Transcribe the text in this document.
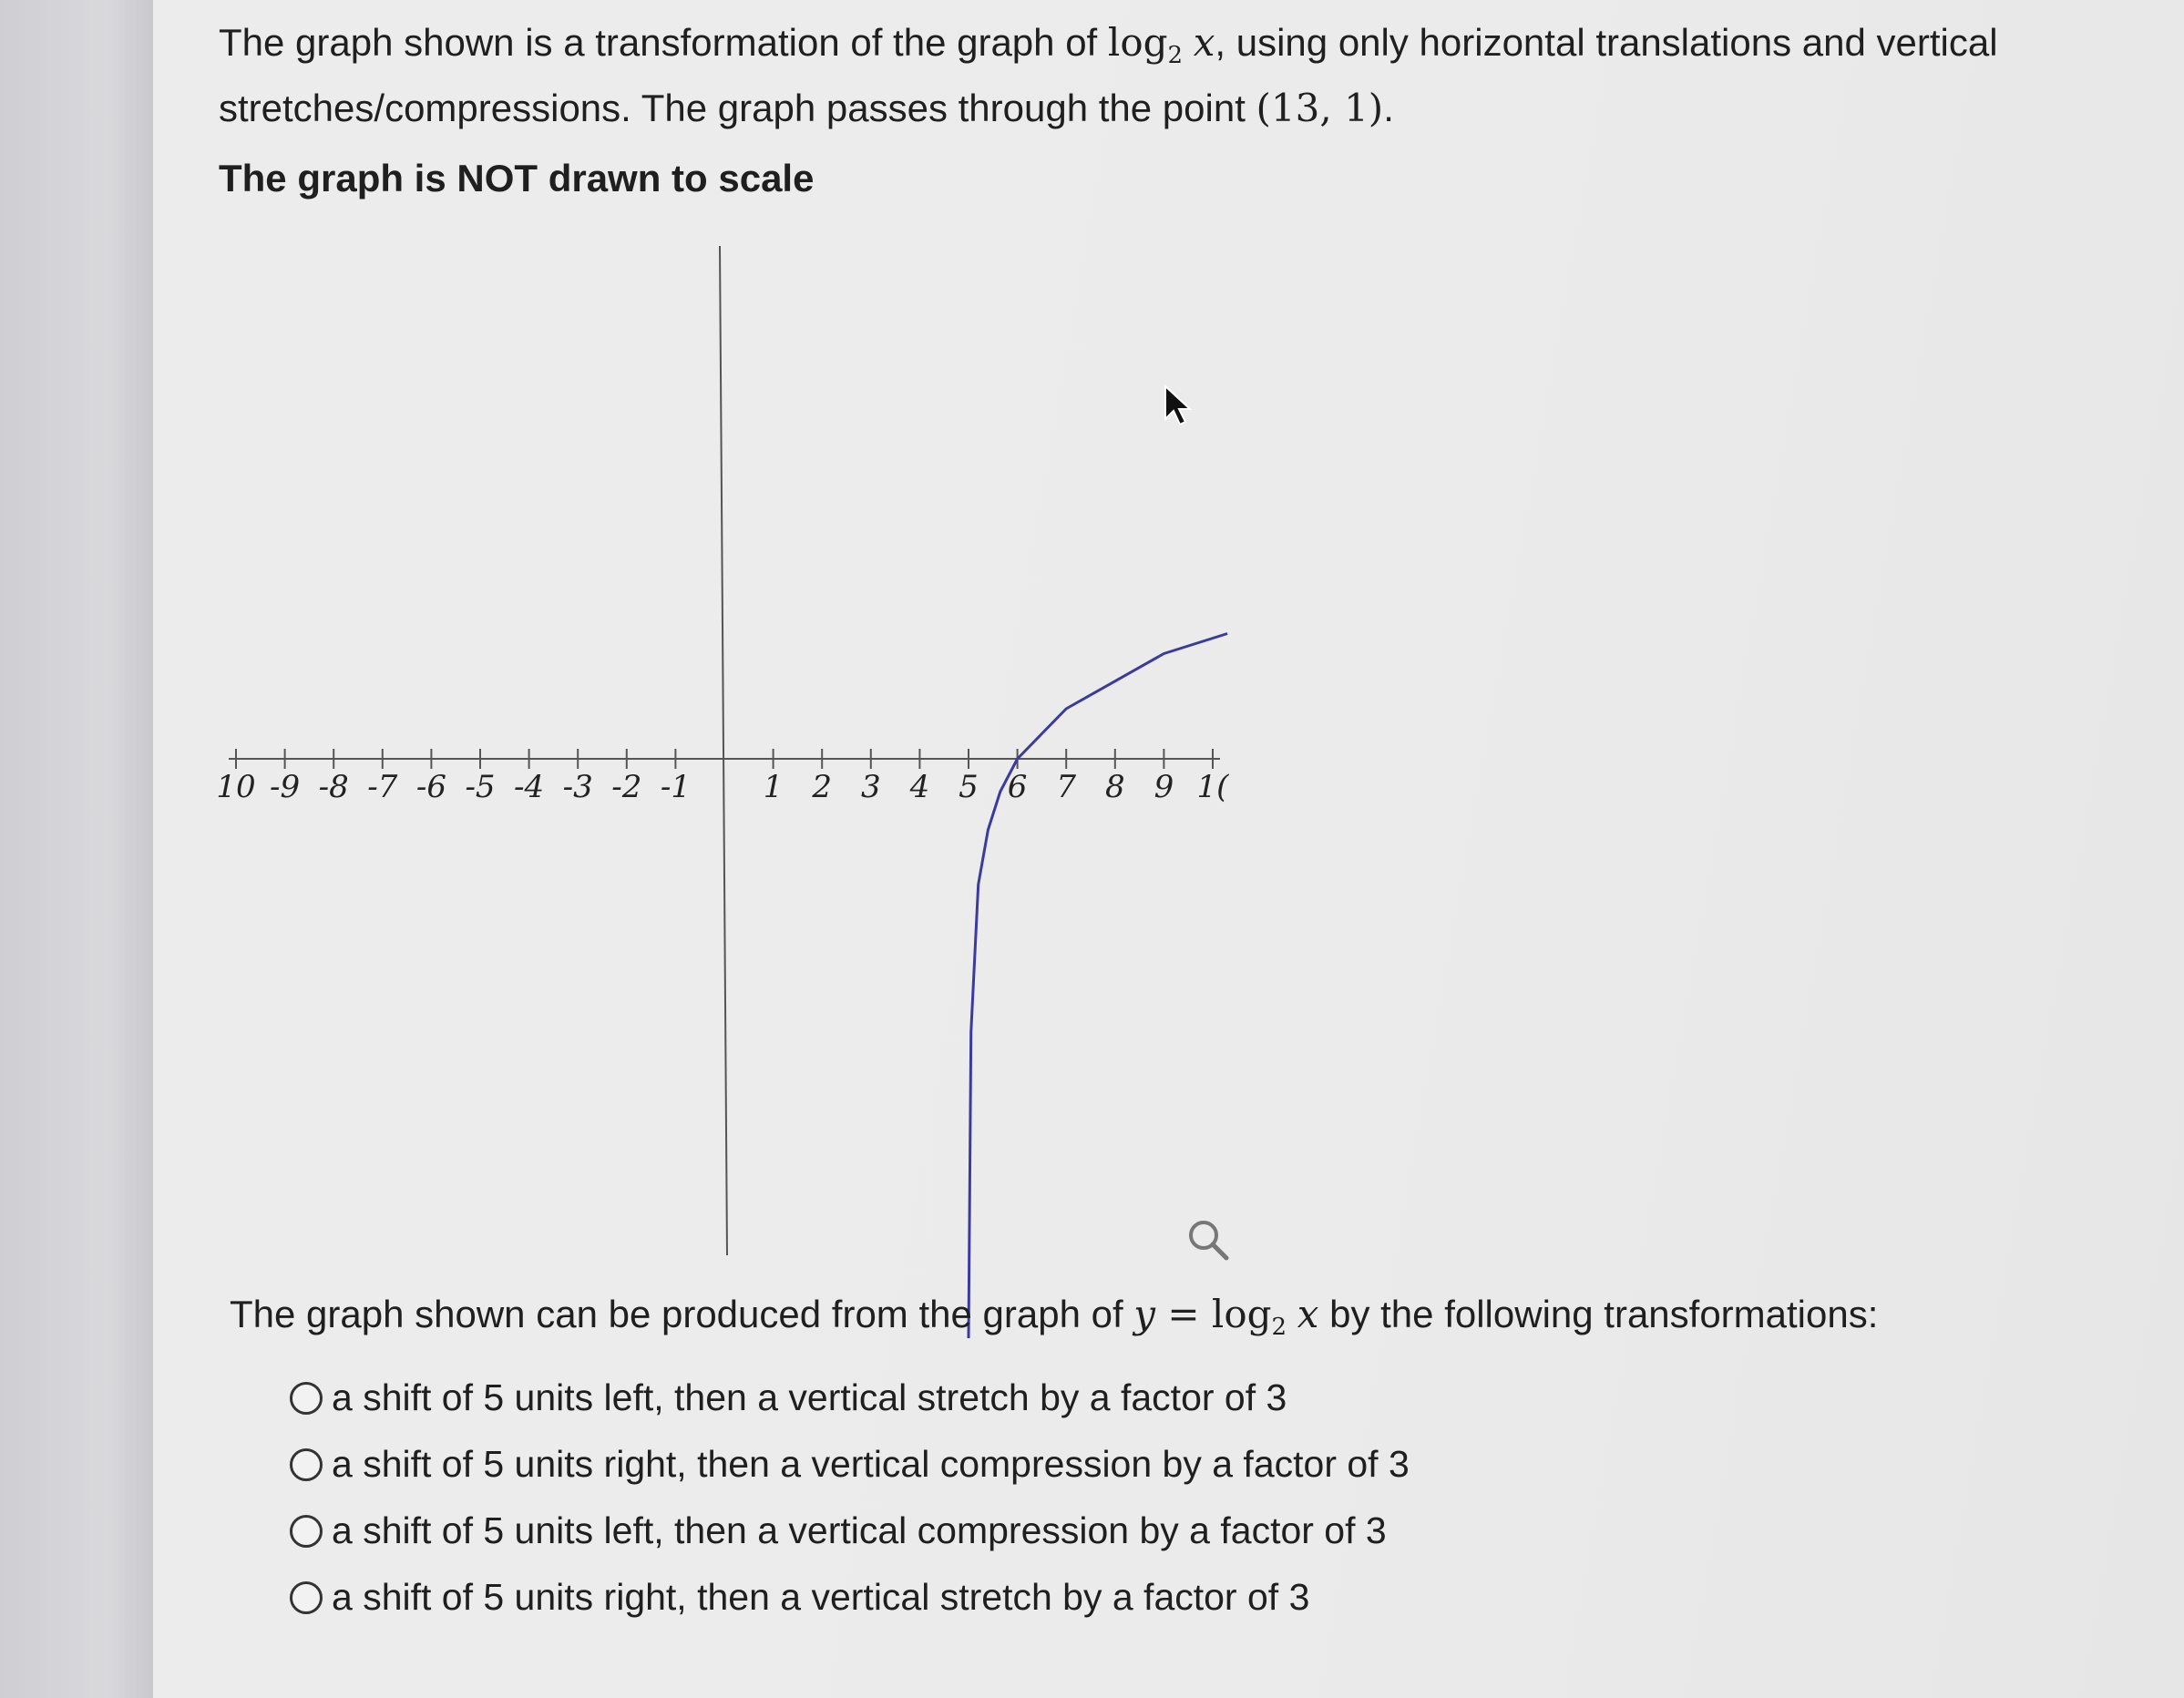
The graph shown is a transformation of the graph of $\log_2 x$, using only horizontal translations and vertical stretches/compressions. The graph passes through the point (13, 1).
The graph is NOT drawn to scale
10 -9 -8 -7 -6 -5 -4 -3 -2 -1 1 2 3 4 5 6 7 8 9 1(
The graph shown can be produced from the graph of $y = \log_2 x$ by the following transformations:
a shift of 5 units left, then a vertical stretch by a factor of 3
a shift of 5 units right, then a vertical compression by a factor of 3
a shift of 5 units left, then a vertical compression by a factor of 3
a shift of 5 units right, then a vertical stretch by a factor of 3
